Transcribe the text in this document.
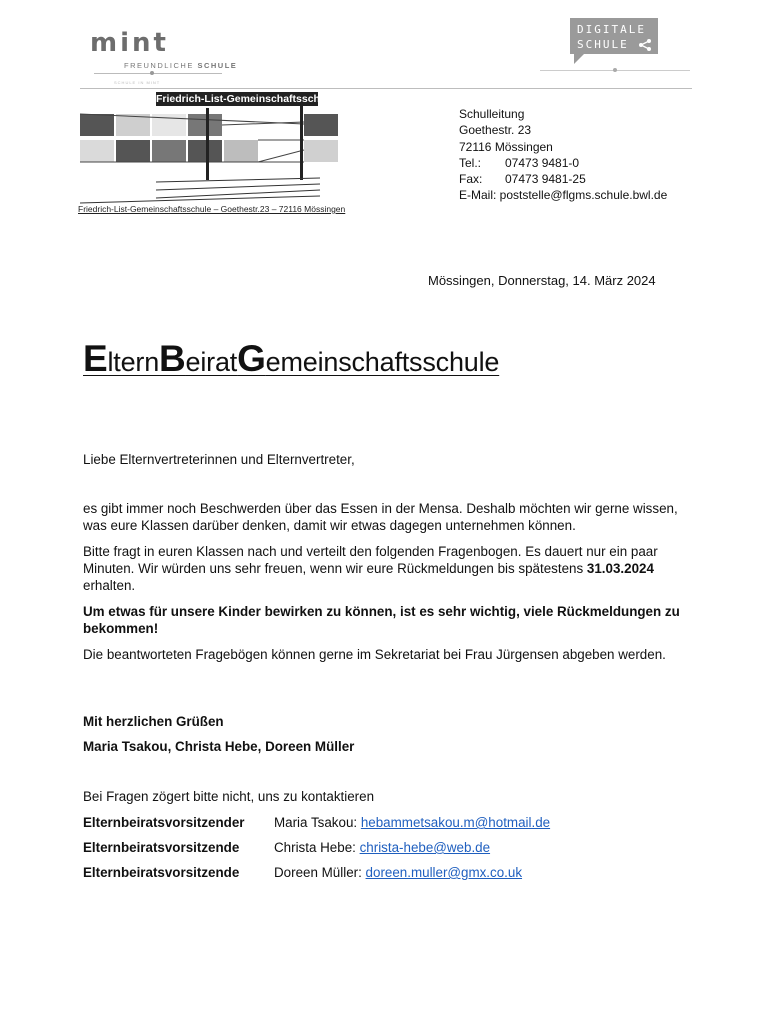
mint
FREUNDLICHE SCHULE
SCHULE IN MINT
DIGITALE
SCHULE
Friedrich-List-Gemeinschaftsschule
Friedrich-List-Gemeinschaftsschule – Goethestr.23 – 72116 Mössingen
Schulleitung
Goethestr. 23
72116 Mössingen
Tel.: 07473 9481-0
Fax: 07473 9481-25
E-Mail: poststelle@flgms.schule.bwl.de
Mössingen, Donnerstag, 14. März 2024
ElternBeiratGemeinschaftsschule
Liebe Elternvertreterinnen und Elternvertreter,
es gibt immer noch Beschwerden über das Essen in der Mensa. Deshalb möchten wir gerne wissen, was eure Klassen darüber denken, damit wir etwas dagegen unternehmen können.
Bitte fragt in euren Klassen nach und verteilt den folgenden Fragenbogen. Es dauert nur ein paar Minuten. Wir würden uns sehr freuen, wenn wir eure Rückmeldungen bis spätestens 31.03.2024 erhalten.
Um etwas für unsere Kinder bewirken zu können, ist es sehr wichtig, viele Rückmeldungen zu bekommen!
Die beantworteten Fragebögen können gerne im Sekretariat bei Frau Jürgensen abgeben werden.
Mit herzlichen Grüßen
Maria Tsakou, Christa Hebe, Doreen Müller
Bei Fragen zögert bitte nicht, uns zu kontaktieren
Elternbeiratsvorsitzender Maria Tsakou: hebammetsakou.m@hotmail.de
Elternbeiratsvorsitzende	Christa Hebe: christa-hebe@web.de
Elternbeiratsvorsitzende	Doreen Müller: doreen.muller@gmx.co.uk
